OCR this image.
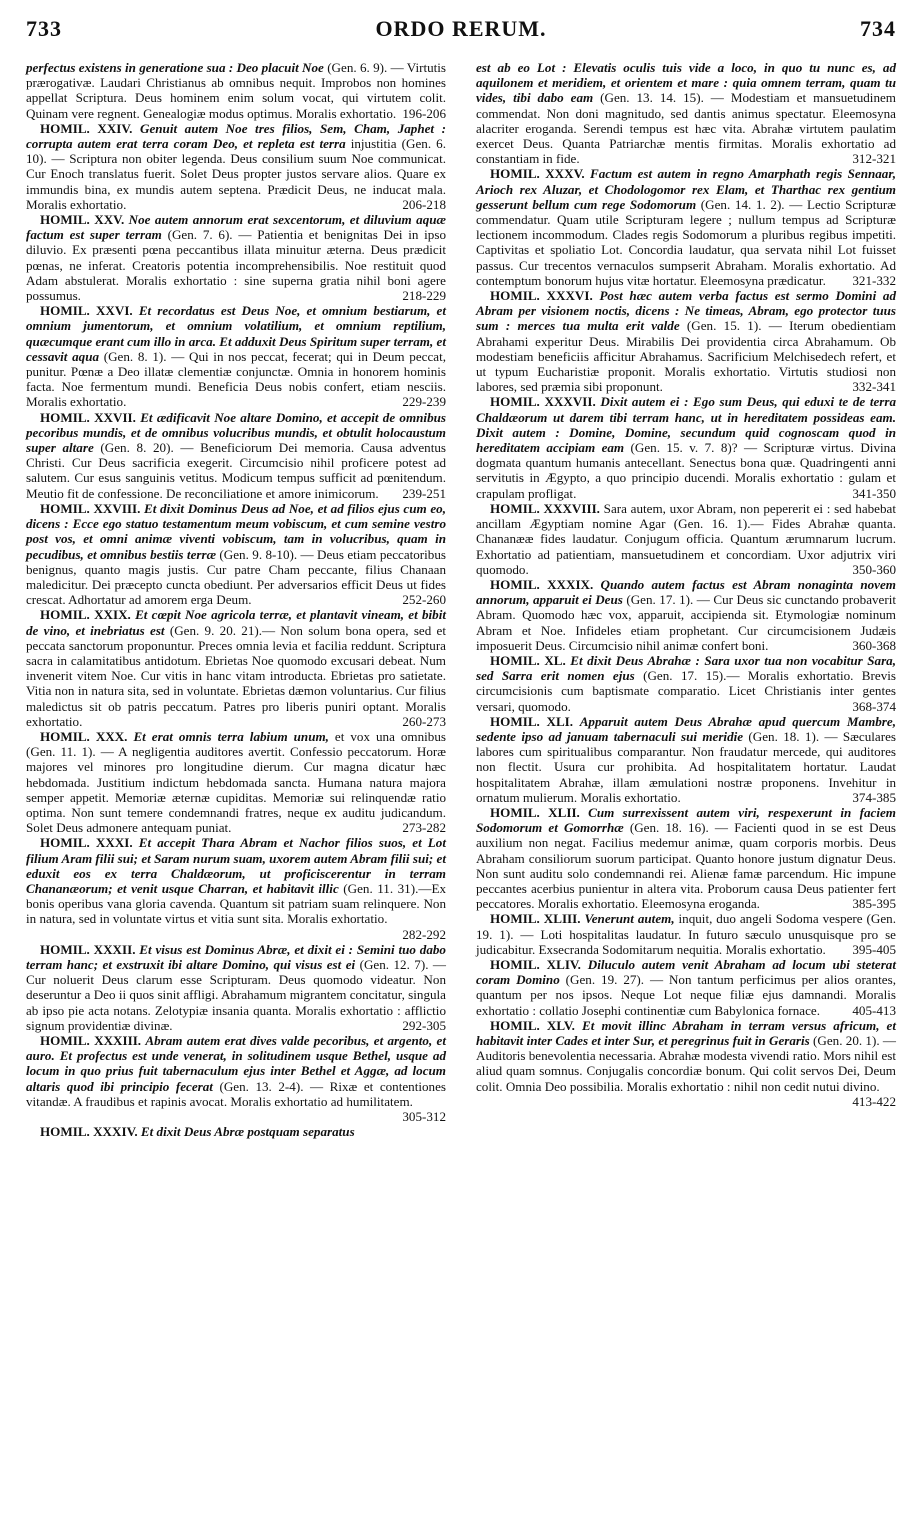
733	ORDO RERUM.	734

perfectus existens in generatione sua : Deo placuit Noe (Gen. 6. 9). — Virtutis prærogativæ. Laudari Christianus ab omnibus nequit. Improbos non homines appellat Scriptura. Deus hominem enim solum vocat, qui virtutem colit. Quinam vere regnent. Genealogiæ modus optimus. Moralis exhortatio. 196-206

HOMIL. XXIV. Genuit autem Noe tres filios, Sem, Cham, Japhet : corrupta autem erat terra coram Deo, et repleta est terra injustitia (Gen. 6. 10). — Scriptura non obiter legenda. Deus consilium suum Noe communicat. Cur Enoch translatus fuerit. Solet Deus propter justos servare alios. Quare ex immundis bina, ex mundis autem septena. Prædicit Deus, ne inducat mala. Moralis exhortatio.	206-218

HOMIL. XXV. Noe autem annorum erat sexcentorum, et diluvium aquæ factum est super terram (Gen. 7. 6). — Patientia et benignitas Dei in ipso diluvio. Ex præsenti pœna peccantibus illata minuitur æterna. Deus prædicit pœnas, ne inferat. Creatoris potentia incomprehensibilis. Noe restituit quod Adam abstulerat. Moralis exhortatio : sine superna gratia nihil boni agere possumus.	218-229

HOMIL. XXVI. Et recordatus est Deus Noe, et omnium bestiarum, et omnium jumentorum, et omnium volatilium, et omnium reptilium, quæcumque erant cum illo in arca. Et adduxit Deus Spiritum super terram, et cessavit aqua (Gen. 8. 1). — Qui in nos peccat, fecerat; qui in Deum peccat, punitur. Pœnæ a Deo illatæ clementiæ conjunctæ. Omnia in honorem hominis facta. Noe fermentum mundi. Beneficia Deus nobis confert, etiam nesciis. Moralis exhortatio.	229-239

HOMIL. XXVII. Et ædificavit Noe altare Domino, et accepit de omnibus pecoribus mundis, et de omnibus volucribus mundis, et obtulit holocaustum super altare (Gen. 8. 20). — Beneficiorum Dei memoria. Causa adventus Christi. Cur Deus sacrificia exegerit. Circumcisio nihil proficere potest ad salutem. Cur esus sanguinis vetitus. Modicum tempus sufficit ad pœnitendum. Meutio fit de confessione. De reconciliatione et amore inimicorum.	239-251

HOMIL. XXVIII. Et dixit Dominus Deus ad Noe, et ad filios ejus cum eo, dicens : Ecce ego statuo testamentum meum vobiscum, et cum semine vestro post vos, et omni animæ viventi vobiscum, tam in volucribus, quam in pecudibus, et omnibus bestiis terræ (Gen. 9. 8-10). — Deus etiam peccatoribus benignus, quanto magis justis. Cur patre Cham peccante, filius Chanaan maledicitur. Dei præcepto cuncta obediunt. Per adversarios efficit Deus ut fides crescat. Adhortatur ad amorem erga Deum.	252-260

HOMIL. XXIX. Et cœpit Noe agricola terræ, et plantavit vineam, et bibit de vino, et inebriatus est (Gen. 9. 20. 21).— Non solum bona opera, sed et peccata sanctorum proponuntur. Preces omnia levia et facilia reddunt. Scriptura sacra in calamitatibus antidotum. Ebrietas Noe quomodo excusari debeat. Num invenerit vitem Noe. Cur vitis in hanc vitam introducta. Ebrietas pro satietate. Vitia non in natura sita, sed in voluntate. Ebrietas dæmon voluntarius. Cur filius maledictus sit ob patris peccatum. Patres pro liberis puniri optant. Moralis exhortatio.	260-273

HOMIL. XXX. Et erat omnis terra labium unum, et vox una omnibus (Gen. 11. 1). — A negligentia auditores avertit. Confessio peccatorum. Horæ majores vel minores pro longitudine dierum. Cur magna dicatur hæc hebdomada. Justitium indictum hebdomada sancta. Humana natura majora semper appetit. Memoriæ æternæ cupiditas. Memoriæ sui relinquendæ ratio optima. Non sunt temere condemnandi fratres, neque ex auditu judicandum. Solet Deus admonere antequam puniat.	273-282

HOMIL. XXXI. Et accepit Thara Abram et Nachor filios suos, et Lot filium Aram filii sui; et Saram nurum suam, uxorem autem Abram filii sui; et eduxit eos ex terra Chaldæorum, ut proficiscerentur in terram Chananæorum; et venit usque Charran, et habitavit illic (Gen. 11. 31).—Ex bonis operibus vana gloria cavenda. Quantum sit patriam suam relinquere. Non in natura, sed in voluntate virtus et vitia sunt sita. Moralis exhortatio.
282-292

HOMIL. XXXII. Et visus est Dominus Abræ, et dixit ei : Semini tuo dabo terram hanc; et exstruxit ibi altare Domino, qui visus est ei (Gen. 12. 7). — Cur noluerit Deus clarum esse Scripturam. Deus quomodo videatur. Non deseruntur a Deo ii quos sinit affligi. Abrahamum migrantem concitatur, singula ab ipso pie acta notans. Zelotypiæ insania quanta. Moralis exhortatio : afflictio signum providentiæ divinæ.	292-305

HOMIL. XXXIII. Abram autem erat dives valde pecoribus, et argento, et auro. Et profectus est unde venerat, in solitudinem usque Bethel, usque ad locum in quo prius fuit tabernaculum ejus inter Bethel et Aggæ, ad locum altaris quod ibi principio fecerat (Gen. 13. 2-4). — Rixæ et contentiones vitandæ. A fraudibus et rapinis avocat. Moralis exhortatio ad humilitatem.
305-312

HOMIL. XXXIV. Et dixit Deus Abræ postquam separatus

est ab eo Lot : Elevatis oculis tuis vide a loco, in quo tu nunc es, ad aquilonem et meridiem, et orientem et mare : quia omnem terram, quam tu vides, tibi dabo eam (Gen. 13. 14. 15). — Modestiam et mansuetudinem commendat. Non doni magnitudo, sed dantis animus spectatur. Eleemosyna alacriter eroganda. Serendi tempus est hæc vita. Abrahæ virtutem paulatim exercet Deus. Quanta Patriarchæ mentis firmitas. Moralis exhortatio ad constantiam in fide.	312-321

HOMIL. XXXV. Factum est autem in regno Amarphath regis Sennaar, Arioch rex Aluzar, et Chodologomor rex Elam, et Tharthac rex gentium gesserunt bellum cum rege Sodomorum (Gen. 14. 1. 2). — Lectio Scripturæ commendatur. Quam utile Scripturam legere ; nullum tempus ad Scripturæ lectionem incommodum. Clades regis Sodomorum a pluribus regibus impetiti. Captivitas et spoliatio Lot. Concordia laudatur, qua servata nihil Lot fuisset passus. Cur trecentos vernaculos sumpserit Abraham. Moralis exhortatio. Ad contemptum bonorum hujus vitæ hortatur. Eleemosyna prædicatur.	321-332

HOMIL. XXXVI. Post hæc autem verba factus est sermo Domini ad Abram per visionem noctis, dicens : Ne timeas, Abram, ego protector tuus sum : merces tua multa erit valde (Gen. 15. 1). — Iterum obedientiam Abrahami experitur Deus. Mirabilis Dei providentia circa Abrahamum. Ob modestiam beneficiis afficitur Abrahamus. Sacrificium Melchisedech refert, et ut typum Eucharistiæ proponit. Moralis exhortatio. Virtutis studiosi non labores, sed præmia sibi proponunt.	332-341

HOMIL. XXXVII. Dixit autem ei : Ego sum Deus, qui eduxi te de terra Chaldæorum ut darem tibi terram hanc, ut in hereditatem possideas eam. Dixit autem : Domine, Domine, secundum quid cognoscam quod in hereditatem accipiam eam (Gen. 15. v. 7. 8)? — Scripturæ virtus. Divina dogmata quantum humanis antecellant. Senectus bona quæ. Quadringenti anni servitutis in Ægypto, a quo principio ducendi. Moralis exhortatio : gulam et crapulam profligat.	341-350

HOMIL. XXXVIII. Sara autem, uxor Abram, non pepererit ei : sed habebat ancillam Ægyptiam nomine Agar (Gen. 16. 1).— Fides Abrahæ quanta. Chananææ fides laudatur. Conjugum officia. Quantum ærumnarum lucrum. Exhortatio ad patientiam, mansuetudinem et concordiam. Uxor adjutrix viri quomodo.	350-360

HOMIL. XXXIX. Quando autem factus est Abram nonaginta novem annorum, apparuit ei Deus (Gen. 17. 1). — Cur Deus sic cunctando probaverit Abram. Quomodo hæc vox, apparuit, accipienda sit. Etymologiæ nominum Abram et Noe. Infideles etiam prophetant. Cur circumcisionem Judæis imposuerit Deus. Circumcisio nihil animæ confert boni.	360-368

HOMIL. XL. Et dixit Deus Abrahæ : Sara uxor tua non vocabitur Sara, sed Sarra erit nomen ejus (Gen. 17. 15).— Moralis exhortatio. Brevis circumcisionis cum baptismate comparatio. Licet Christianis inter gentes versari, quomodo.	368-374

HOMIL. XLI. Apparuit autem Deus Abrahæ apud quercum Mambre, sedente ipso ad januam tabernaculi sui meridie (Gen. 18. 1). — Sæculares labores cum spiritualibus comparantur. Non fraudatur mercede, qui auditores non flectit. Usura cur prohibita. Ad hospitalitatem hortatur. Laudat hospitalitatem Abrahæ, illam æmulationi nostræ proponens. Invehitur in ornatum mulierum. Moralis exhortatio.	374-385

HOMIL. XLII. Cum surrexissent autem viri, respexerunt in faciem Sodomorum et Gomorrhæ (Gen. 18. 16). — Facienti quod in se est Deus auxilium non negat. Facilius medemur animæ, quam corporis morbis. Deus Abraham consiliorum suorum participat. Quanto honore justum dignatur Deus. Non sunt auditu solo condemnandi rei. Alienæ famæ parcendum. Hic impune peccantes acerbius punientur in altera vita. Proborum causa Deus patienter fert peccatores. Moralis exhortatio. Eleemosyna eroganda.	385-395

HOMIL. XLIII. Venerunt autem, inquit, duo angeli Sodoma vespere (Gen. 19. 1). — Loti hospitalitas laudatur. In futuro sæculo unusquisque pro se judicabitur. Exsecranda Sodomitarum nequitia. Moralis exhortatio.	395-405

HOMIL. XLIV. Diluculo autem venit Abraham ad locum ubi steterat coram Domino (Gen. 19. 27). — Non tantum perficimus per alios orantes, quantum per nos ipsos. Neque Lot neque filiæ ejus damnandi. Moralis exhortatio : collatio Josephi continentiæ cum Babylonica fornace.	405-413

HOMIL. XLV. Et movit illinc Abraham in terram versus africum, et habitavit inter Cades et inter Sur, et peregrinus fuit in Geraris (Gen. 20. 1). — Auditoris benevolentia necessaria. Abrahæ modesta vivendi ratio. Mors nihil est aliud quam somnus. Conjugalis concordiæ bonum. Qui colit servos Dei, Deum colit. Omnia Deo possibilia. Moralis exhortatio : nihil non cedit nutui divino.
413-422
